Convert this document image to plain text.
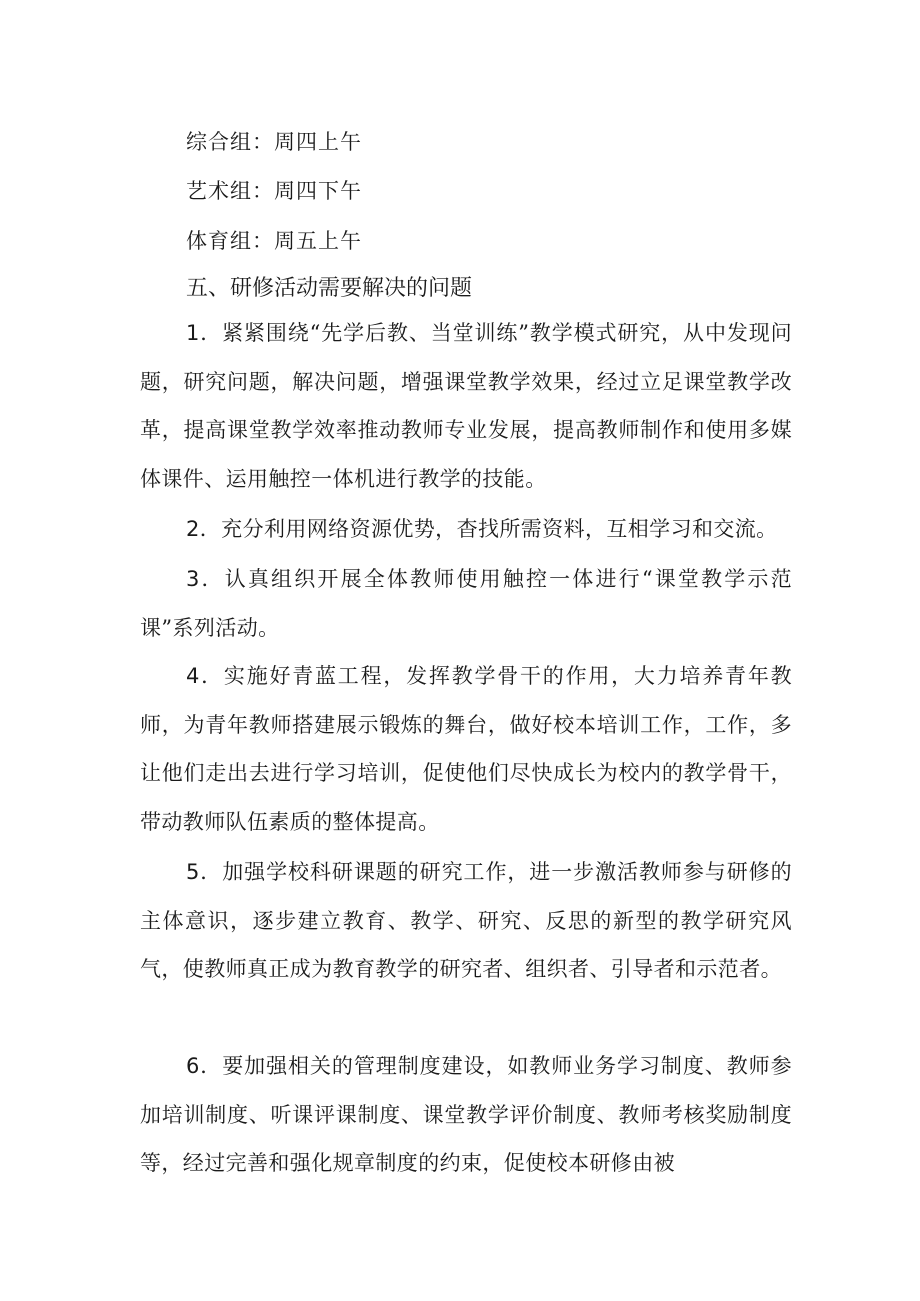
综合组：周四上午
艺术组：周四下午
体育组：周五上午
五、研修活动需要解决的问题

1．紧紧围绕“先学后教、当堂训练”教学模式研究，从中发现问题，研究问题，解决问题，增强课堂教学效果，经过立足课堂教学改革，提高课堂教学效率推动教师专业发展，提高教师制作和使用多媒体课件、运用触控一体机进行教学的技能。

2．充分利用网络资源优势，杳找所需资料，互相学习和交流。

3．认真组织开展全体教师使用触控一体进行“课堂教学示范课”系列活动。

4．实施好青蓝工程，发挥教学骨干的作用，大力培养青年教师，为青年教师搭建展示锻炼的舞台，做好校本培训工作，工作，多让他们走出去进行学习培训，促使他们尽快成长为校内的教学骨干，带动教师队伍素质的整体提高。

5．加强学校科研课题的研究工作，进一步激活教师参与研修的主体意识，逐步建立教育、教学、研究、反思的新型的教学研究风气，使教师真正成为教育教学的研究者、组织者、引导者和示范者。

6．要加强相关的管理制度建设，如教师业务学习制度、教师参加培训制度、听课评课制度、课堂教学评价制度、教师考核奖励制度等，经过完善和强化规章制度的约束，促使校本研修由被
